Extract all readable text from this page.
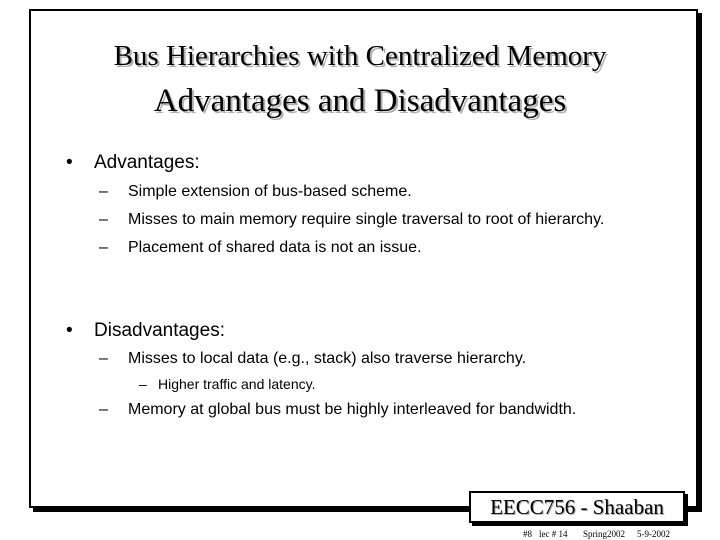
Bus Hierarchies with Centralized Memory
Advantages and Disadvantages
• Advantages:
– Simple extension of bus-based scheme.
– Misses to main memory require single traversal to root of hierarchy.
– Placement of shared data is not an issue.
• Disadvantages:
– Misses to local data (e.g., stack) also traverse hierarchy.
– Higher traffic and latency.
– Memory at global bus must be highly interleaved for bandwidth.
EECC756 - Shaaban
#8 lec # 14 Spring2002 5-9-2002
